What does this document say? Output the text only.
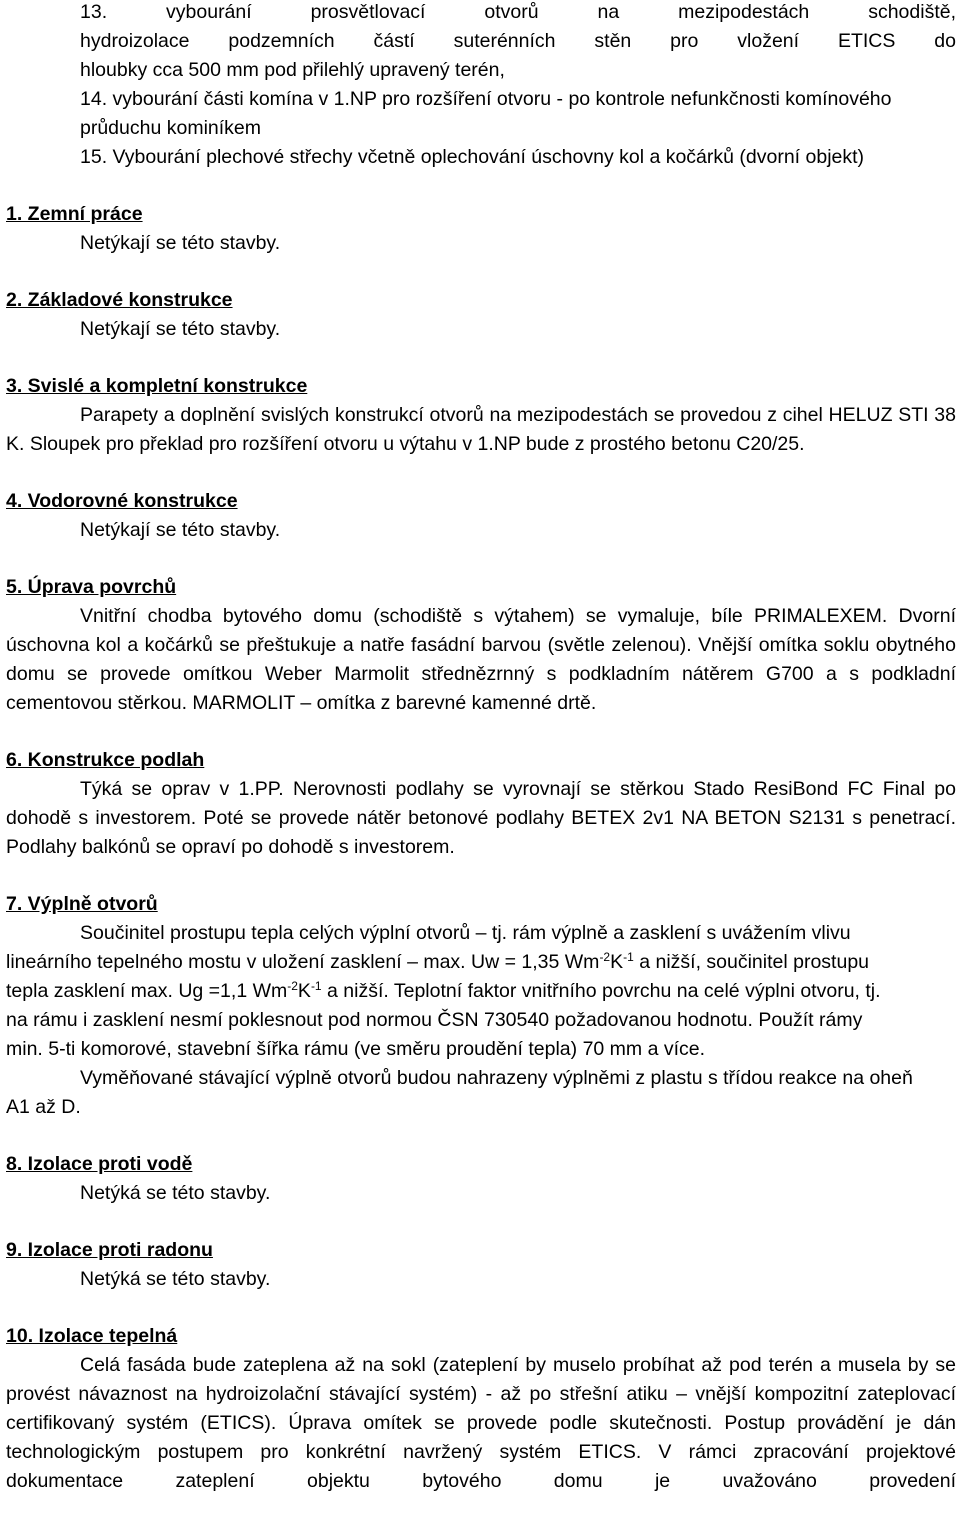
13. vybourání prosvětlovací otvorů na mezipodestách schodiště,

hydroizolace podzemních částí suterénních stěn pro vložení ETICS do

hloubky cca 500 mm pod přilehlý upravený terén,

14. vybourání části komína v 1.NP pro rozšíření otvoru - po kontrole nefunkčnosti komínového

průduchu kominíkem

15. Vybourání plechové střechy včetně oplechování úschovny kol a kočárků (dvorní objekt)

1. Zemní práce

Netýkají se této stavby.

2. Základové konstrukce

Netýkají se této stavby.

3. Svislé a kompletní konstrukce

Parapety a doplnění svislých konstrukcí otvorů na mezipodestách se provedou z cihel HELUZ STI 38 K. Sloupek pro překlad pro rozšíření otvoru u výtahu v 1.NP bude z prostého betonu C20/25.

4. Vodorovné konstrukce

Netýkají se této stavby.

5. Úprava povrchů

Vnitřní chodba bytového domu (schodiště s výtahem) se vymaluje, bíle PRIMALEXEM. Dvorní úschovna kol a kočárků se přeštukuje a natře fasádní barvou (světle zelenou). Vnější omítka soklu obytného domu se provede omítkou Weber Marmolit střednězrnný s podkladním nátěrem G700 a s podkladní cementovou stěrkou. MARMOLIT – omítka z barevné kamenné drtě.

6. Konstrukce podlah

Týká se oprav v 1.PP. Nerovnosti podlahy se vyrovnají se stěrkou Stado ResiBond FC Final po dohodě s investorem. Poté se provede nátěr betonové podlahy BETEX 2v1 NA BETON S2131 s penetrací. Podlahy balkónů se opraví po dohodě s investorem.

7. Výplně otvorů

Součinitel prostupu tepla celých výplní otvorů – tj. rám výplně a zasklení s uvážením vlivu

lineárního tepelného mostu v uložení zasklení – max. Uw = 1,35 $Wm^{-2}K^{-1}$ a nižší, součinitel prostupu

tepla zasklení max. Ug =1,1 $Wm^{-2}K^{-1}$ a nižší. Teplotní faktor vnitřního povrchu na celé výplni otvoru, tj.

na rámu i zasklení nesmí poklesnout pod normou ČSN 730540 požadovanou hodnotu. Použít rámy

min. 5-ti komorové, stavební šířka rámu (ve směru proudění tepla) 70 mm a více.

Vyměňované stávající výplně otvorů budou nahrazeny výplněmi z plastu s třídou reakce na oheň A1 až D.

8. Izolace proti vodě

Netýká se této stavby.

9. Izolace proti radonu

Netýká se této stavby.

10. Izolace tepelná

Celá fasáda bude zateplena až na sokl (zateplení by muselo probíhat až pod terén a musela by se provést návaznost na hydroizolační stávající systém) - až po střešní atiku – vnější kompozitní zateplovací certifikovaný systém (ETICS). Úprava omítek se provede podle skutečnosti. Postup provádění je dán technologickým postupem pro konkrétní navržený systém ETICS. V rámci zpracování projektové dokumentace zateplení objektu bytového domu je uvažováno provedení
